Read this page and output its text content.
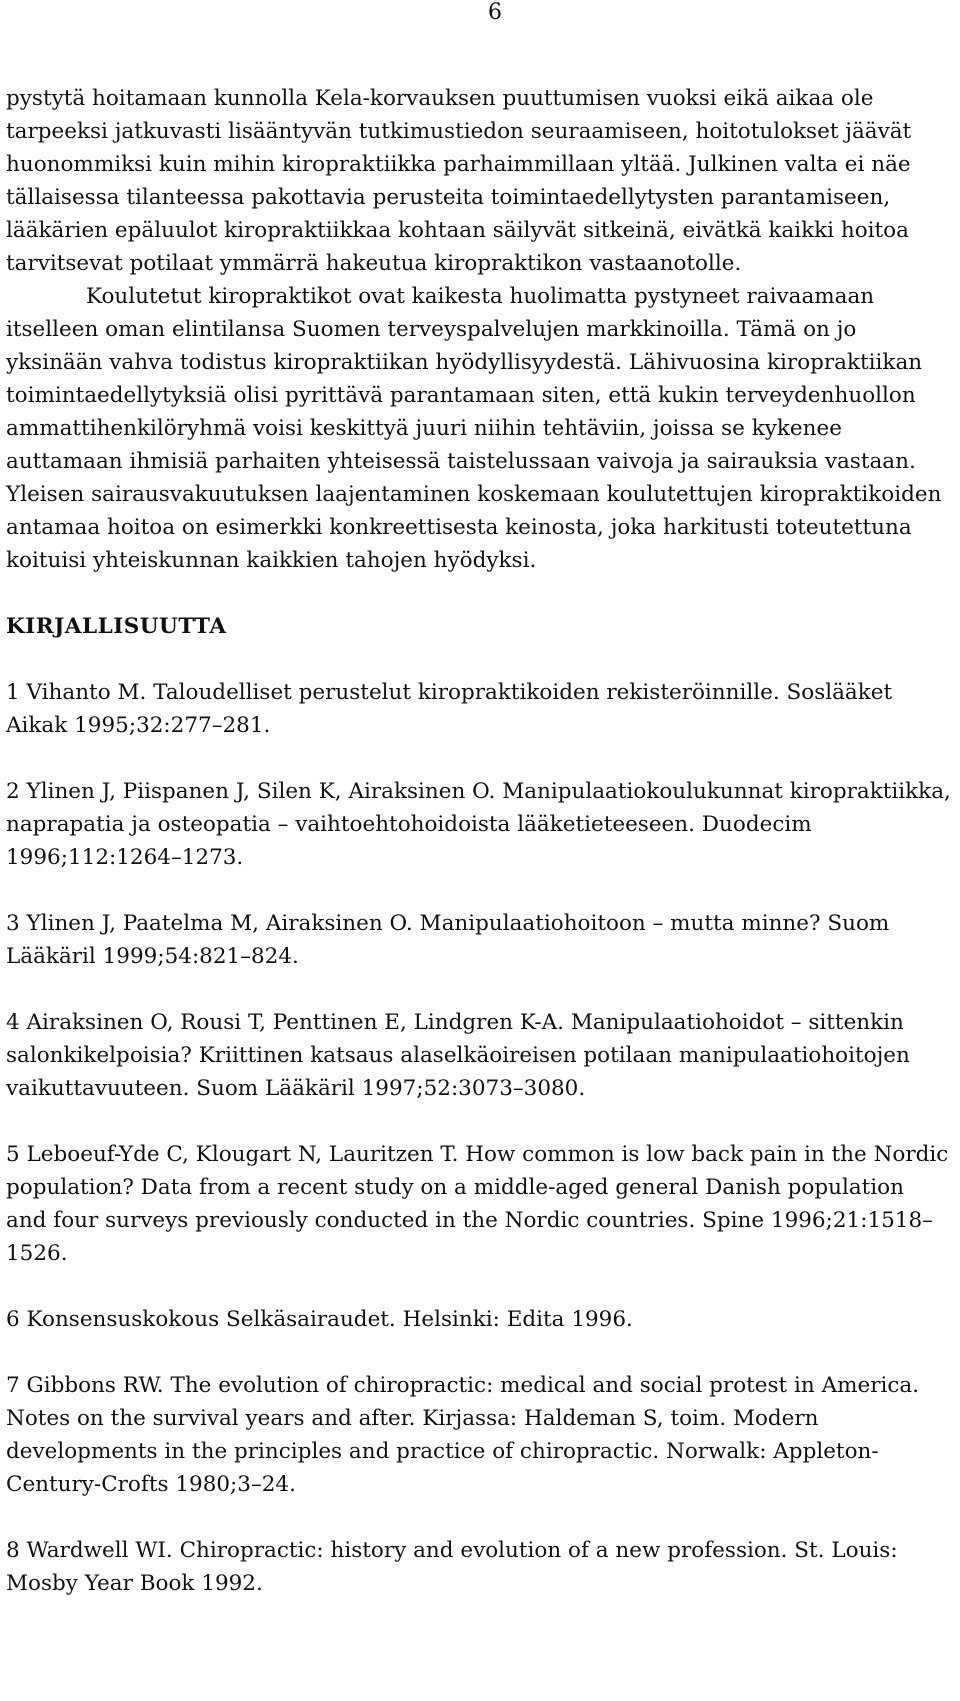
6

pystytä hoitamaan kunnolla Kela-korvauksen puuttumisen vuoksi eikä aikaa ole tarpeeksi jatkuvasti lisääntyvän tutkimustiedon seuraamiseen, hoitotulokset jäävät huonommiksi kuin mihin kiropraktiikka parhaimmillaan yltää. Julkinen valta ei näe tällaisessa tilanteessa pakottavia perusteita toimintaedellytysten parantamiseen, lääkärien epäluulot kiropraktiikkaa kohtaan säilyvät sitkeinä, eivätkä kaikki hoitoa tarvitsevat potilaat ymmärrä hakeutua kiropraktikon vastaanotolle.

Koulutetut kiropraktikot ovat kaikesta huolimatta pystyneet raivaamaan itselleen oman elintilansa Suomen terveyspalvelujen markkinoilla. Tämä on jo yksinään vahva todistus kiropraktiikan hyödyllisyydestä. Lähivuosina kiropraktiikan toimintaedellytyksiä olisi pyrittävä parantamaan siten, että kukin terveydenhuollon ammattihenkilöryhmä voisi keskittyä juuri niihin tehtäviin, joissa se kykenee auttamaan ihmisiä parhaiten yhteisessä taistelussaan vaivoja ja sairauksia vastaan. Yleisen sairausvakuutuksen laajentaminen koskemaan koulutettujen kiropraktikoiden antamaa hoitoa on esimerkki konkreettisesta keinosta, joka harkitusti toteutettuna koituisi yhteiskunnan kaikkien tahojen hyödyksi.

KIRJALLISUUTTA

1 Vihanto M. Taloudelliset perustelut kiropraktikoiden rekisteröinnille. Soslääket Aikak 1995;32:277–281.

2 Ylinen J, Piispanen J, Silen K, Airaksinen O. Manipulaatiokoulukunnat kiropraktiikka, naprapatia ja osteopatia – vaihtoehtohoidoista lääketieteeseen. Duodecim 1996;112:1264–1273.

3 Ylinen J, Paatelma M, Airaksinen O. Manipulaatiohoitoon – mutta minne? Suom Lääkäril 1999;54:821–824.

4 Airaksinen O, Rousi T, Penttinen E, Lindgren K-A. Manipulaatiohoidot – sittenkin salonkikelpoisia? Kriittinen katsaus alaselkäoireisen potilaan manipulaatiohoitojen vaikuttavuuteen. Suom Lääkäril 1997;52:3073–3080.

5 Leboeuf-Yde C, Klougart N, Lauritzen T. How common is low back pain in the Nordic population? Data from a recent study on a middle-aged general Danish population and four surveys previously conducted in the Nordic countries. Spine 1996;21:1518–1526.

6 Konsensuskokous Selkäsairaudet. Helsinki: Edita 1996.

7 Gibbons RW. The evolution of chiropractic: medical and social protest in America. Notes on the survival years and after. Kirjassa: Haldeman S, toim. Modern developments in the principles and practice of chiropractic. Norwalk: Appleton-Century-Crofts 1980;3–24.

8 Wardwell WI. Chiropractic: history and evolution of a new profession. St. Louis: Mosby Year Book 1992.
